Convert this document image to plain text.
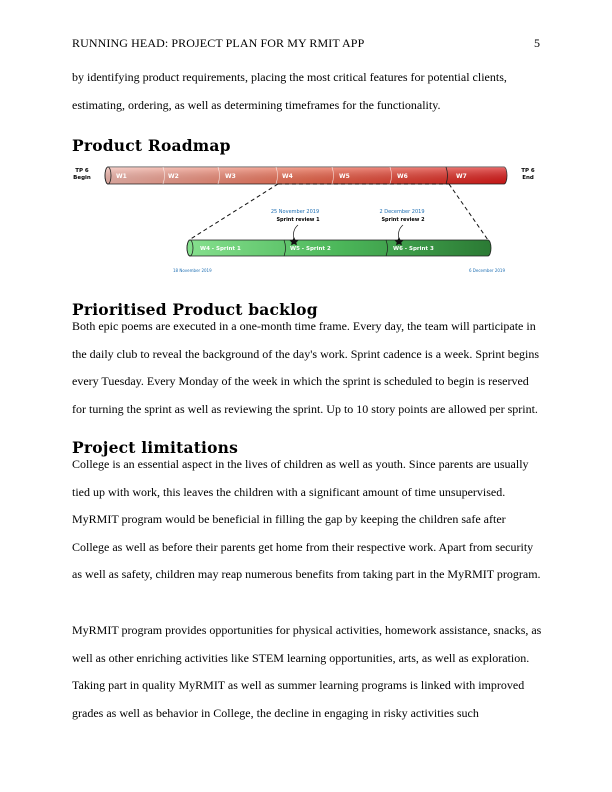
RUNNING HEAD: PROJECT PLAN FOR MY RMIT APP	5

by identifying product requirements, placing the most critical features for potential clients, estimating, ordering, as well as determining timeframes for the functionality.

Product Roadmap
TP 6
Begin
TP 6
End
W1	W2	W3	W4	W5	W6	W7
25 November 2019
Sprint review 1
2 December 2019
Sprint review 2
W4 - Sprint 1	W5 - Sprint 2	W6 - Sprint 3
18 November 2019	6 December 2019
Prioritised Product backlog

Both epic poems are executed in a one-month time frame. Every day, the team will participate in the daily club to reveal the background of the day's work. Sprint cadence is a week. Sprint begins every Tuesday. Every Monday of the week in which the sprint is scheduled to begin is reserved for turning the sprint as well as reviewing the sprint. Up to 10 story points are allowed per sprint.

Project limitations

College is an essential aspect in the lives of children as well as youth. Since parents are usually tied up with work, this leaves the children with a significant amount of time unsupervised. MyRMIT program would be beneficial in filling the gap by keeping the children safe after College as well as before their parents get home from their respective work. Apart from security as well as safety, children may reap numerous benefits from taking part in the MyRMIT program.

MyRMIT program provides opportunities for physical activities, homework assistance, snacks, as well as other enriching activities like STEM learning opportunities, arts, as well as exploration. Taking part in quality MyRMIT as well as summer learning programs is linked with improved grades as well as behavior in College, the decline in engaging in risky activities such
